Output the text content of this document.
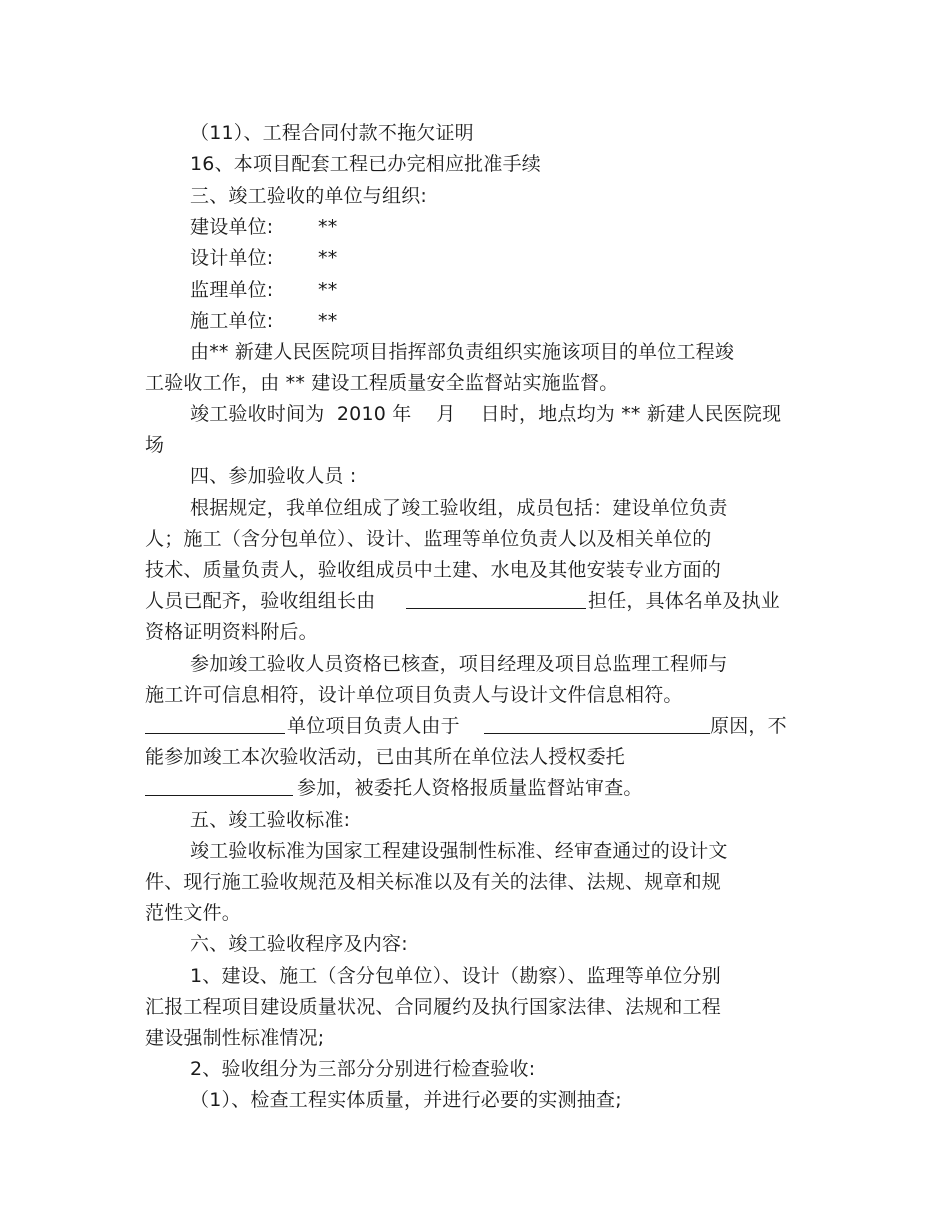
（11）、工程合同付款不拖欠证明
16、本项目配套工程已办完相应批准手续
三、竣工验收的单位与组织:
建设单位: **
设计单位: **
监理单位: **
施工单位: **
由** 新建人民医院项目指挥部负责组织实施该项目的单位工程竣
工验收工作，由 ** 建设工程质量安全监督站实施监督。
竣工验收时间为  2010 年    月    日时，地点均为 ** 新建人民医院现
场
四、参加验收人员 :
根据规定，我单位组成了竣工验收组，成员包括：建设单位负责
人；施工（含分包单位）、设计、监理等单位负责人以及相关单位的
技术、质量负责人，验收组成员中土建、水电及其他安装专业方面的
人员已配齐，验收组组长由	担任，具体名单及执业
资格证明资料附后。
参加竣工验收人员资格已核查，项目经理及项目总监理工程师与
施工许可信息相符，设计单位项目负责人与设计文件信息相符。
单位项目负责人由于	原因，不
能参加竣工本次验收活动，已由其所在单位法人授权委托
参加，被委托人资格报质量监督站审查。
五、竣工验收标准:
竣工验收标准为国家工程建设强制性标准、经审查通过的设计文
件、现行施工验收规范及相关标准以及有关的法律、法规、规章和规
范性文件。
六、竣工验收程序及内容:
1、建设、施工（含分包单位）、设计（勘察）、监理等单位分别
汇报工程项目建设质量状况、合同履约及执行国家法律、法规和工程
建设强制性标准情况;
2、验收组分为三部分分别进行检查验收:
（1）、检查工程实体质量，并进行必要的实测抽查;
